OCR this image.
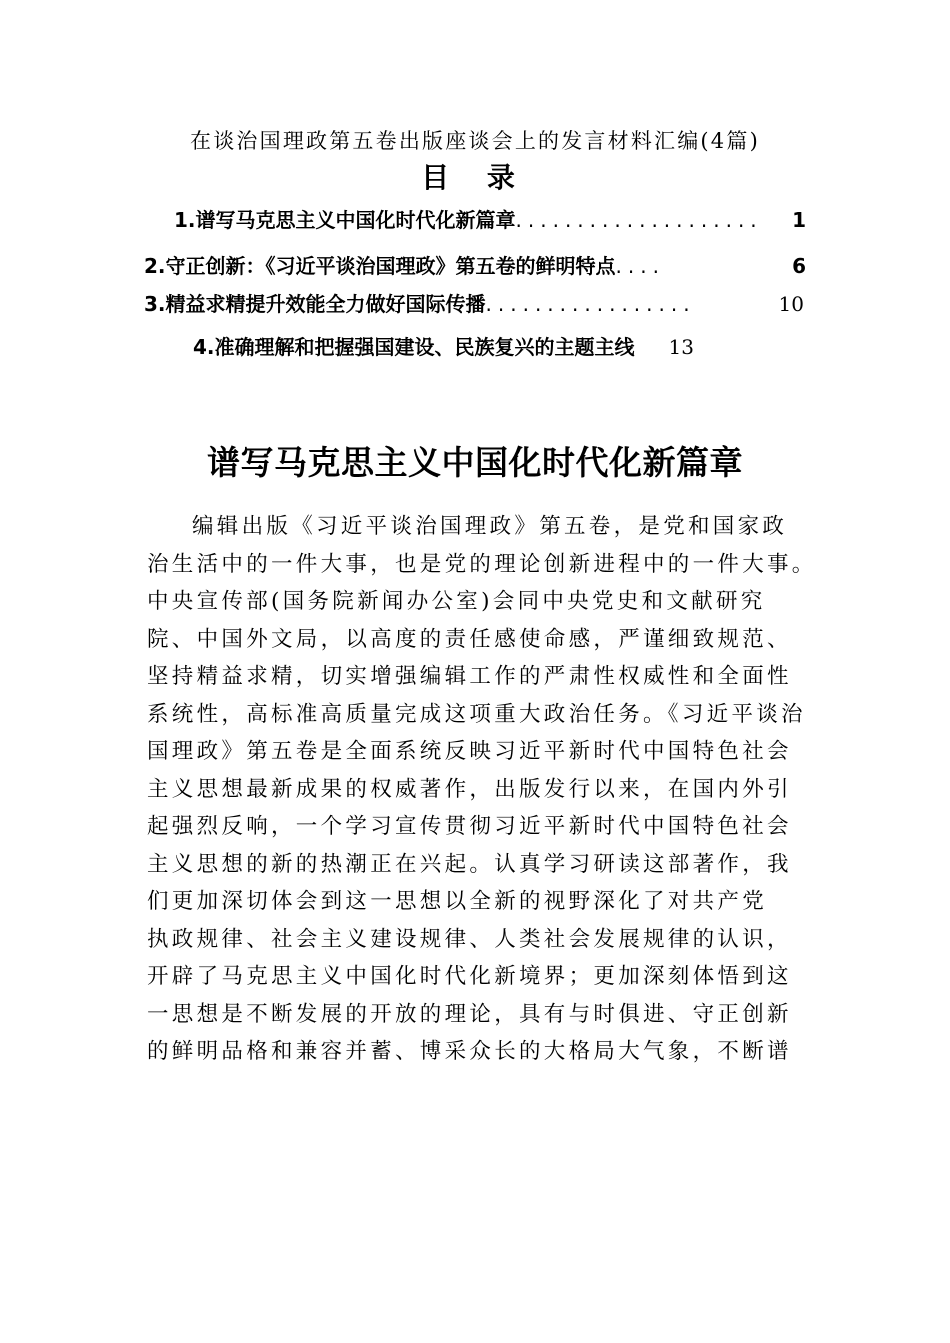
在谈治国理政第五卷出版座谈会上的发言材料汇编(4篇)
目 录
1.谱写马克思主义中国化时代化新篇章 ....................	1
2.守正创新：《习近平谈治国理政》第五卷的鲜明特点 ....	6
3.精益求精提升效能全力做好国际传播 .................	10
4.准确理解和把握强国建设、民族复兴的主题主线 13
谱写马克思主义中国化时代化新篇章
编辑出版《习近平谈治国理政》第五卷，是党和国家政
治生活中的一件大事，也是党的理论创新进程中的一件大事。
中央宣传部(国务院新闻办公室)会同中央党史和文献研究
院、中国外文局，以高度的责任感使命感，严谨细致规范、
坚持精益求精，切实增强编辑工作的严肃性权威性和全面性
系统性，高标准高质量完成这项重大政治任务。《习近平谈治
国理政》第五卷是全面系统反映习近平新时代中国特色社会
主义思想最新成果的权威著作，出版发行以来，在国内外引
起强烈反响，一个学习宣传贯彻习近平新时代中国特色社会
主义思想的新的热潮正在兴起。认真学习研读这部著作，我
们更加深切体会到这一思想以全新的视野深化了对共产党
执政规律、社会主义建设规律、人类社会发展规律的认识，
开辟了马克思主义中国化时代化新境界；更加深刻体悟到这
一思想是不断发展的开放的理论，具有与时俱进、守正创新
的鲜明品格和兼容并蓄、博采众长的大格局大气象，不断谱
